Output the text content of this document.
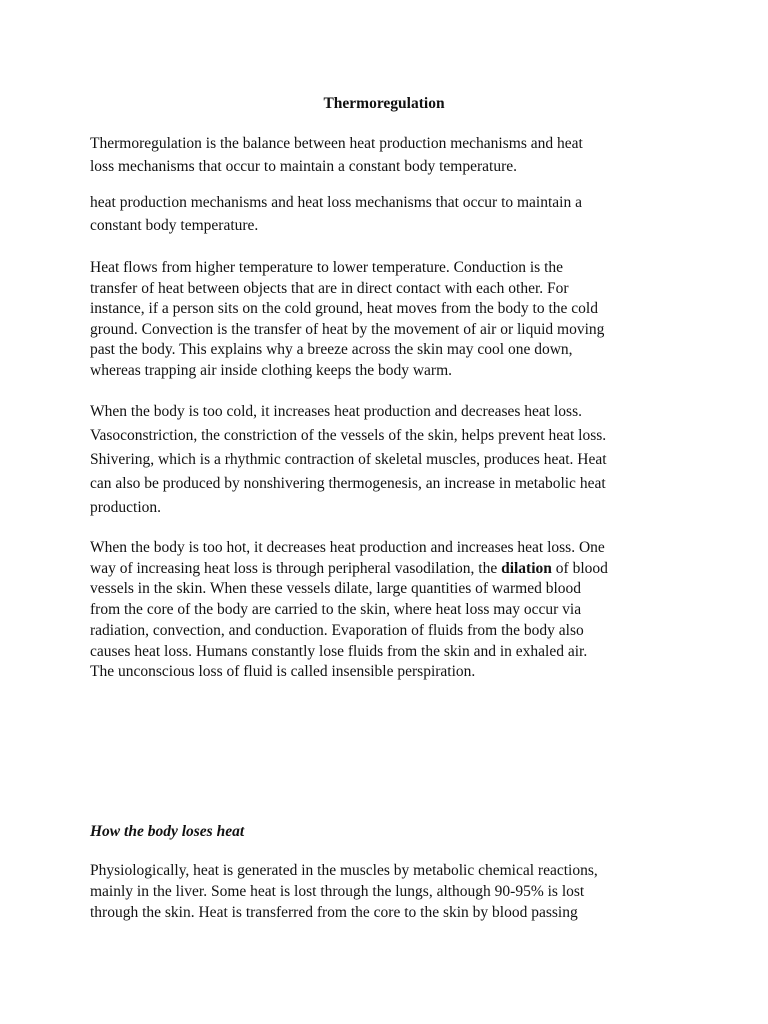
Thermoregulation

Thermoregulation is the balance between heat production mechanisms and heat
loss mechanisms that occur to maintain a constant body temperature.

heat production mechanisms and heat loss mechanisms that occur to maintain a
constant body temperature.

Heat flows from higher temperature to lower temperature. Conduction is the
transfer of heat between objects that are in direct contact with each other. For
instance, if a person sits on the cold ground, heat moves from the body to the cold
ground. Convection is the transfer of heat by the movement of air or liquid moving
past the body. This explains why a breeze across the skin may cool one down,
whereas trapping air inside clothing keeps the body warm.

When the body is too cold, it increases heat production and decreases heat loss.
Vasoconstriction, the constriction of the vessels of the skin, helps prevent heat loss.
Shivering, which is a rhythmic contraction of skeletal muscles, produces heat. Heat
can also be produced by nonshivering thermogenesis, an increase in metabolic heat
production.

When the body is too hot, it decreases heat production and increases heat loss. One
way of increasing heat loss is through peripheral vasodilation, the dilation of blood
vessels in the skin. When these vessels dilate, large quantities of warmed blood
from the core of the body are carried to the skin, where heat loss may occur via
radiation, convection, and conduction. Evaporation of fluids from the body also
causes heat loss. Humans constantly lose fluids from the skin and in exhaled air.
The unconscious loss of fluid is called insensible perspiration.

How the body loses heat

Physiologically, heat is generated in the muscles by metabolic chemical reactions,
mainly in the liver. Some heat is lost through the lungs, although 90-95% is lost
through the skin. Heat is transferred from the core to the skin by blood passing
